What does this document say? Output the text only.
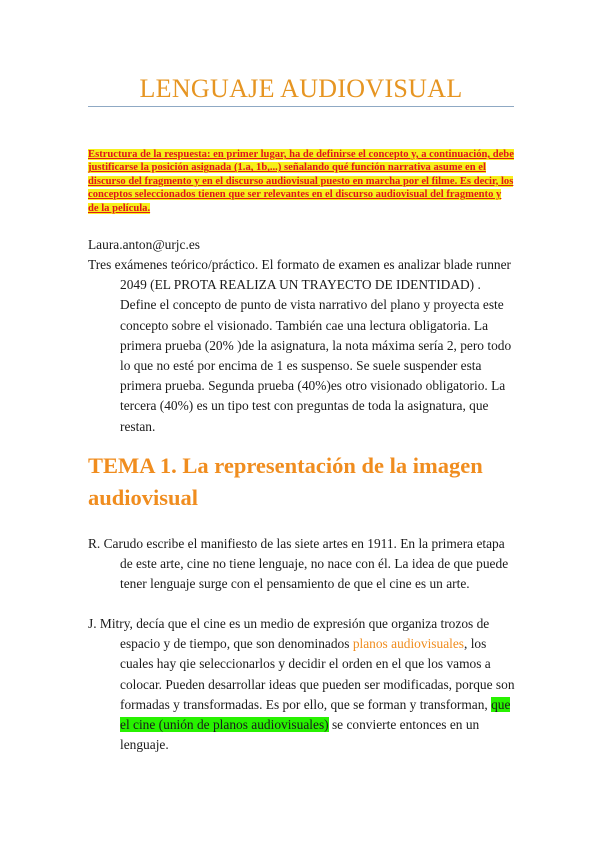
LENGUAJE AUDIOVISUAL

Estructura de la respuesta: en primer lugar, ha de definirse el concepto y, a continuación, debe justificarse la posición asignada (1.a, 1b,...) señalando qué función narrativa asume en el discurso del fragmento y en el discurso audiovisual puesto en marcha por el filme. Es decir, los conceptos seleccionados tienen que ser relevantes en el discurso audiovisual del fragmento y de la película.

Laura.anton@urjc.es

Tres exámenes teórico/práctico. El formato de examen es analizar blade runner 2049 (EL PROTA REALIZA UN TRAYECTO DE IDENTIDAD) . Define el concepto de punto de vista narrativo del plano y proyecta este concepto sobre el visionado. También cae una lectura obligatoria. La primera prueba (20% )de la asignatura, la nota máxima sería 2, pero todo lo que no esté por encima de 1 es suspenso. Se suele suspender esta primera prueba. Segunda prueba (40%)es otro visionado obligatorio. La tercera (40%) es un tipo test con preguntas de toda la asignatura, que restan.

TEMA 1. La representación de la imagen audiovisual

R. Carudo escribe el manifiesto de las siete artes en 1911. En la primera etapa de este arte, cine no tiene lenguaje, no nace con él. La idea de que puede tener lenguaje surge con el pensamiento de que el cine es un arte.

J. Mitry, decía que el cine es un medio de expresión que organiza trozos de espacio y de tiempo, que son denominados planos audiovisuales, los cuales hay qie seleccionarlos y decidir el orden en el que los vamos a colocar. Pueden desarrollar ideas que pueden ser modificadas, porque son formadas y transformadas. Es por ello, que se forman y transforman, que el cine (unión de planos audiovisuales) se convierte entonces en un lenguaje.
